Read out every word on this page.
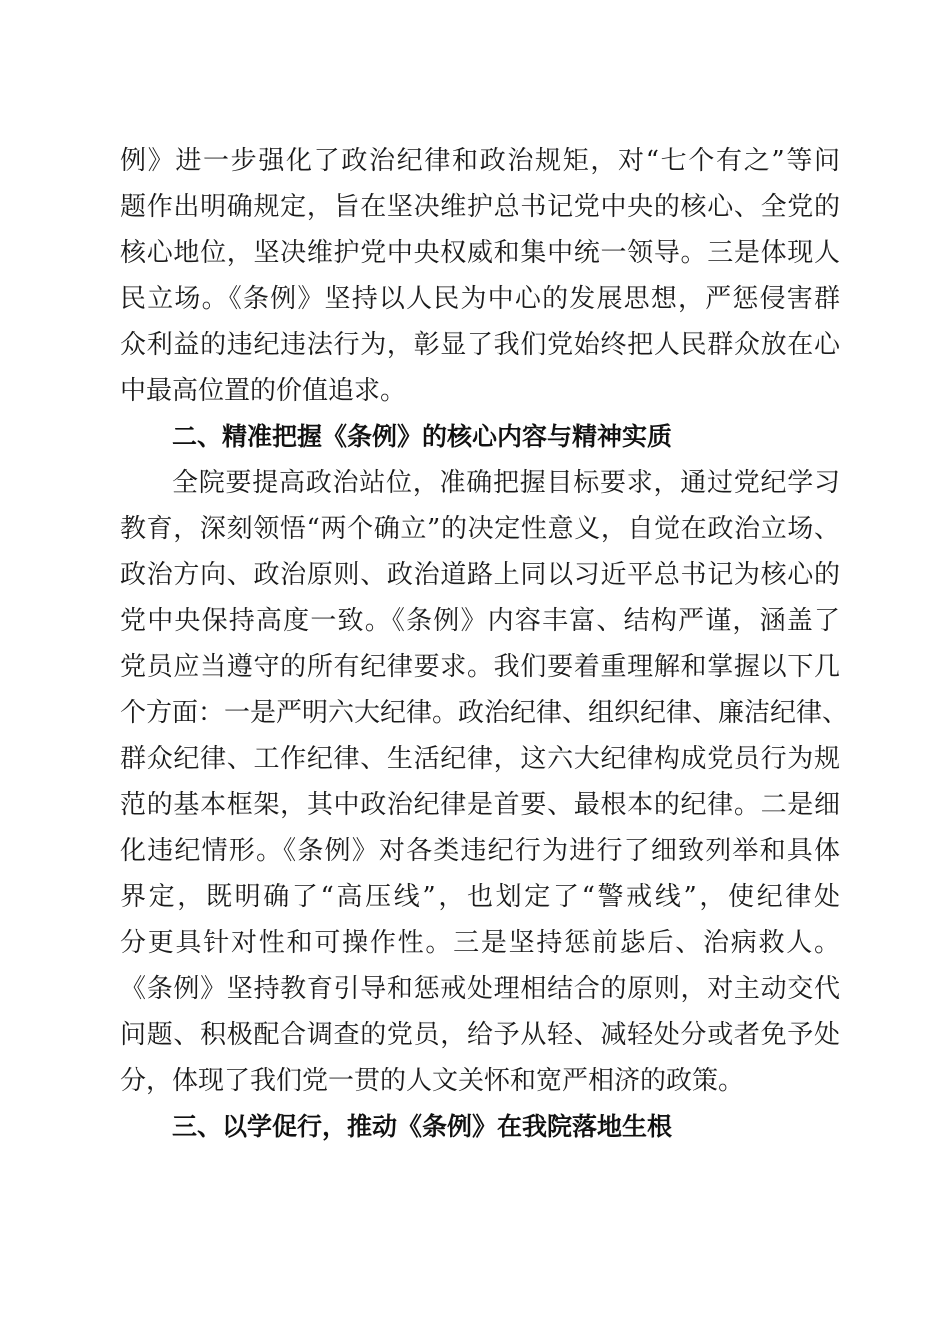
例》进一步强化了政治纪律和政治规矩，对“七个有之”等问
题作出明确规定，旨在坚决维护总书记党中央的核心、全党的
核心地位，坚决维护党中央权威和集中统一领导。三是体现人
民立场。《条例》坚持以人民为中心的发展思想，严惩侵害群
众利益的违纪违法行为，彰显了我们党始终把人民群众放在心
中最高位置的价值追求。
二、精准把握《条例》的核心内容与精神实质
全院要提高政治站位，准确把握目标要求，通过党纪学习
教育，深刻领悟“两个确立”的决定性意义，自觉在政治立场、
政治方向、政治原则、政治道路上同以习近平总书记为核心的
党中央保持高度一致。《条例》内容丰富、结构严谨，涵盖了
党员应当遵守的所有纪律要求。我们要着重理解和掌握以下几
个方面：一是严明六大纪律。政治纪律、组织纪律、廉洁纪律、
群众纪律、工作纪律、生活纪律，这六大纪律构成党员行为规
范的基本框架，其中政治纪律是首要、最根本的纪律。二是细
化违纪情形。《条例》对各类违纪行为进行了细致列举和具体
界定，既明确了“高压线”，也划定了“警戒线”，使纪律处
分更具针对性和可操作性。三是坚持惩前毖后、治病救人。
《条例》坚持教育引导和惩戒处理相结合的原则，对主动交代
问题、积极配合调查的党员，给予从轻、减轻处分或者免予处
分，体现了我们党一贯的人文关怀和宽严相济的政策。
三、以学促行，推动《条例》在我院落地生根
